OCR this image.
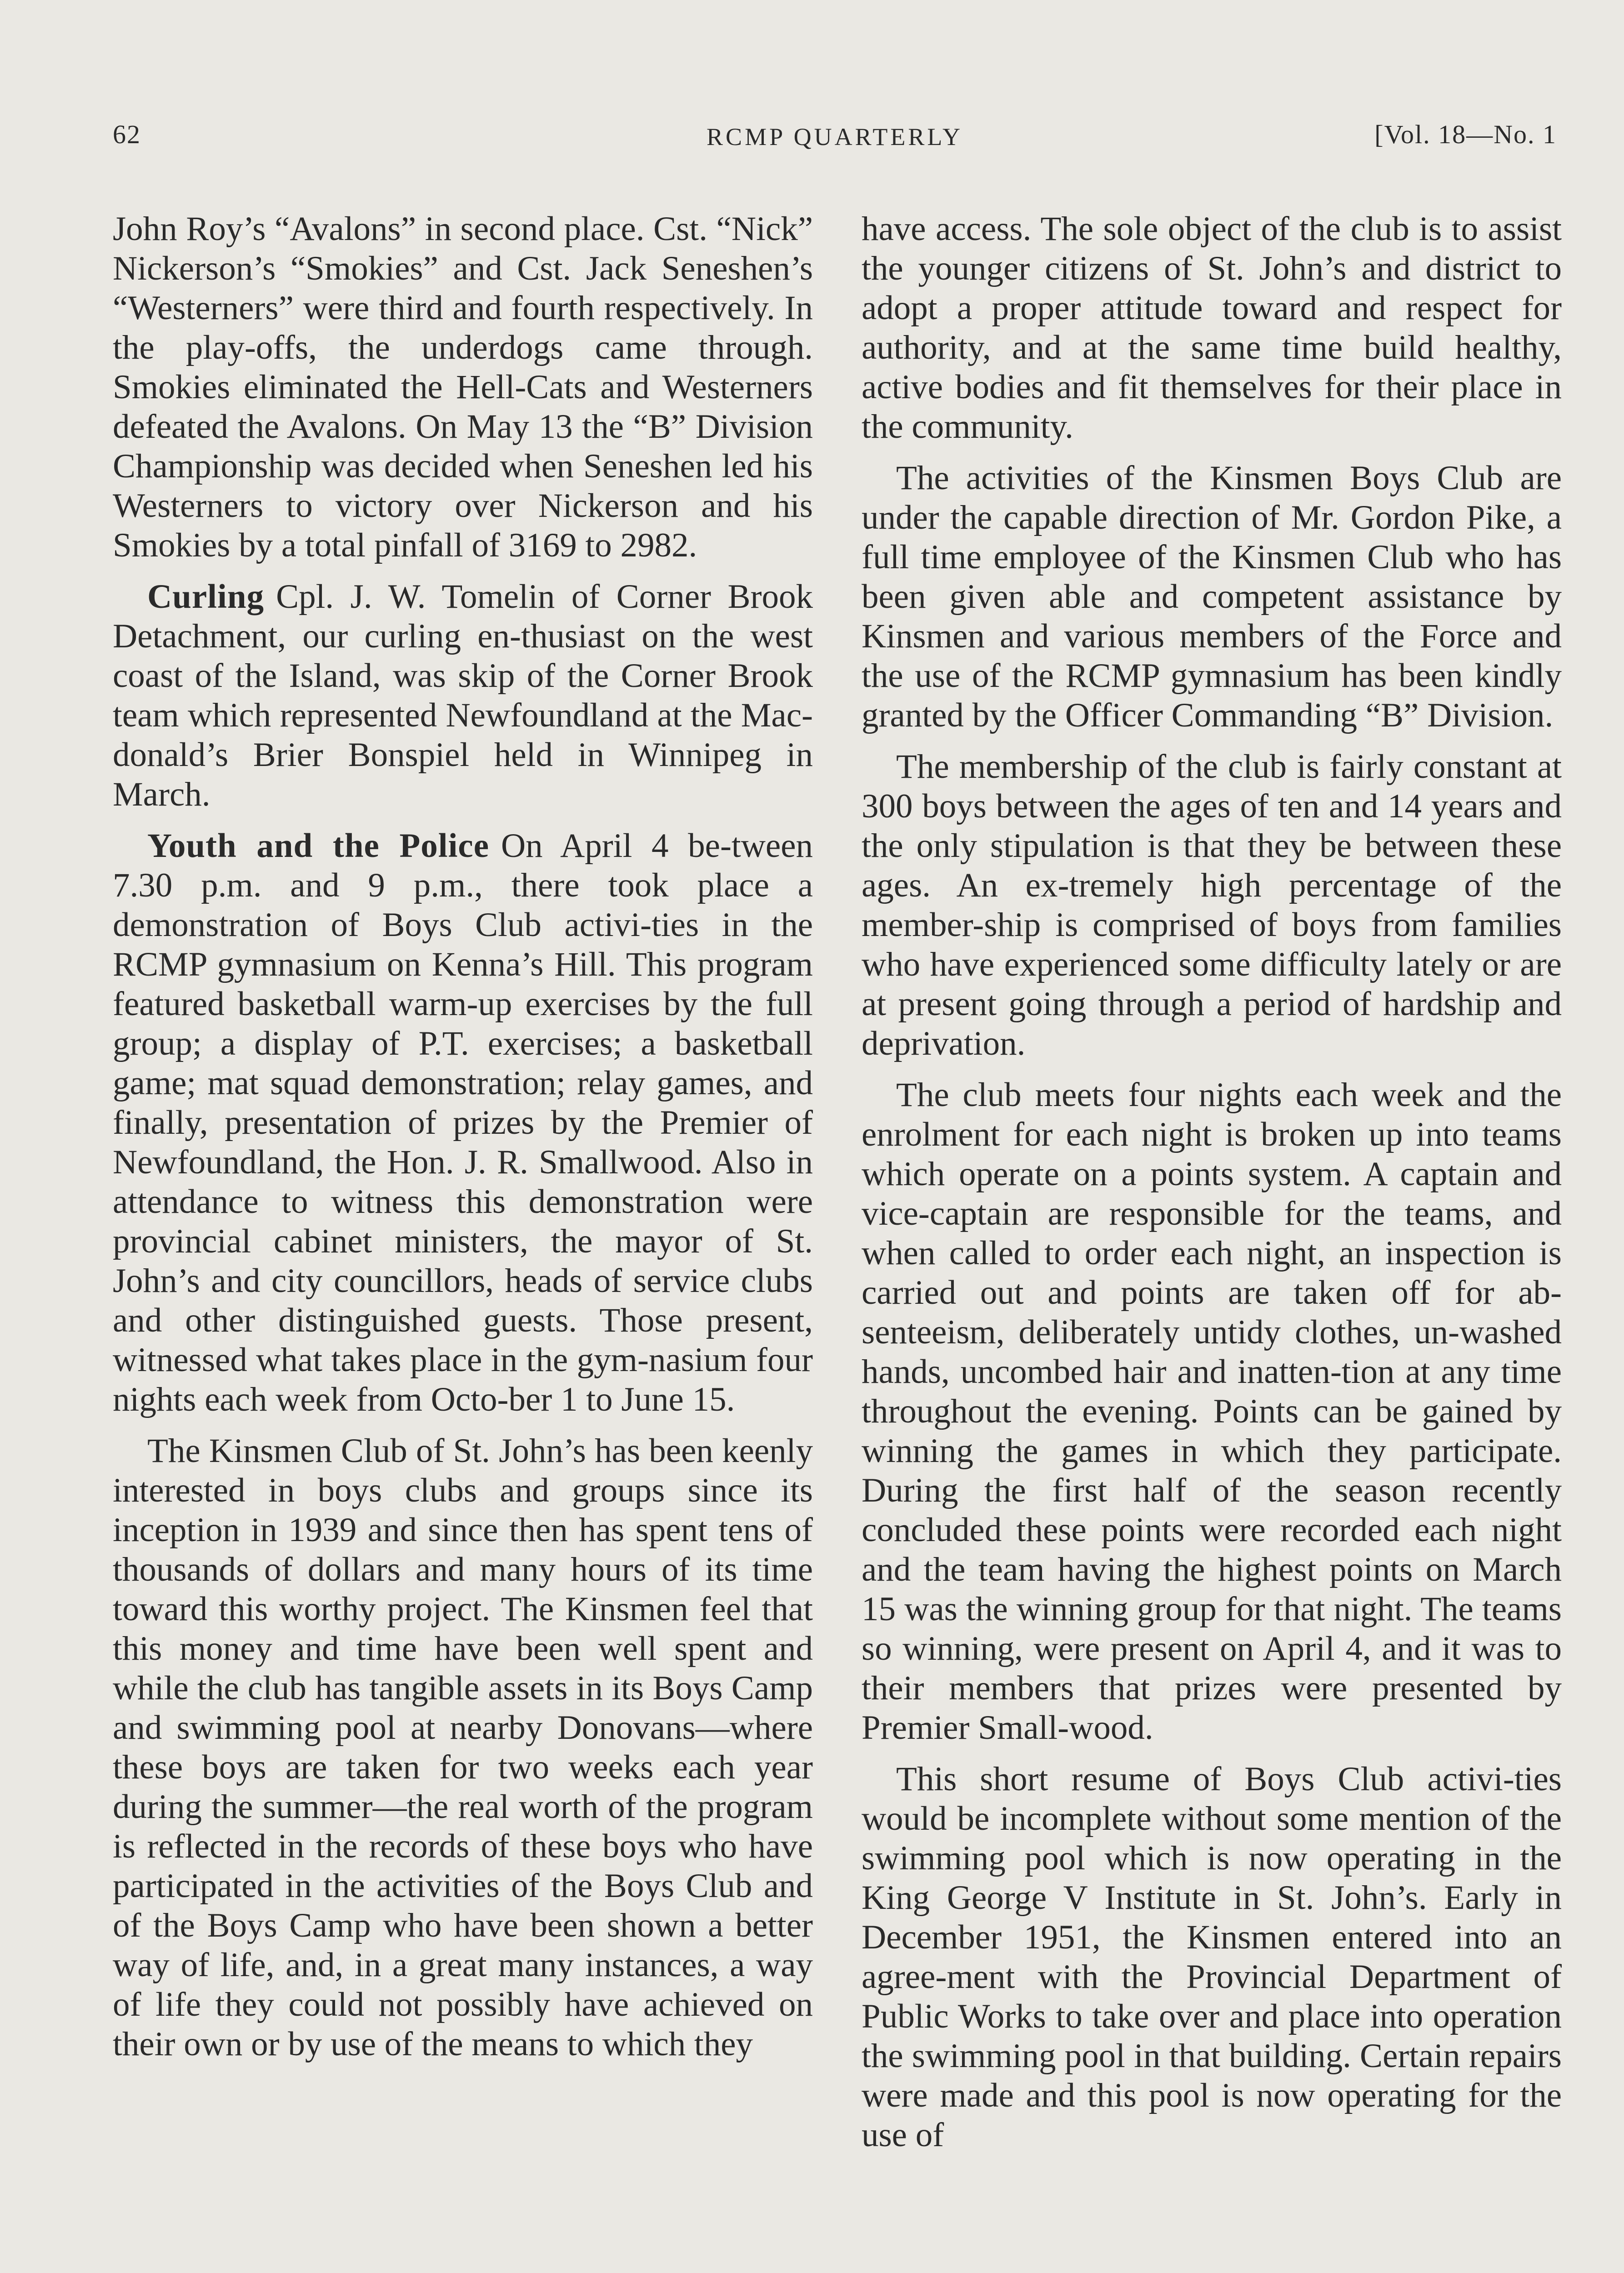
62	RCMP QUARTERLY	[Vol. 18—No. 1

John Roy’s “Avalons” in second place. Cst. “Nick” Nickerson’s “Smokies” and Cst. Jack Seneshen’s “Westerners” were third and fourth respectively. In the play-offs, the underdogs came through. Smokies eliminated the Hell-Cats and Westerners defeated the Avalons. On May 13 the “B” Division Championship was decided when Seneshen led his Westerners to victory over Nickerson and his Smokies by a total pinfall of 3169 to 2982.

Curling Cpl. J. W. Tomelin of Corner Brook Detachment, our curling en-thusiast on the west coast of the Island, was skip of the Corner Brook team which represented Newfoundland at the Mac-donald’s Brier Bonspiel held in Winnipeg in March.

Youth and the Police On April 4 be-tween 7.30 p.m. and 9 p.m., there took place a demonstration of Boys Club activi-ties in the RCMP gymnasium on Kenna’s Hill. This program featured basketball warm-up exercises by the full group; a display of P.T. exercises; a basketball game; mat squad demonstration; relay games, and finally, presentation of prizes by the Premier of Newfoundland, the Hon. J. R. Smallwood. Also in attendance to witness this demonstration were provincial cabinet ministers, the mayor of St. John’s and city councillors, heads of service clubs and other distinguished guests. Those present, witnessed what takes place in the gym-nasium four nights each week from Octo-ber 1 to June 15.

The Kinsmen Club of St. John’s has been keenly interested in boys clubs and groups since its inception in 1939 and since then has spent tens of thousands of dollars and many hours of its time toward this worthy project. The Kinsmen feel that this money and time have been well spent and while the club has tangible assets in its Boys Camp and swimming pool at nearby Donovans—where these boys are taken for two weeks each year during the summer—the real worth of the program is reflected in the records of these boys who have participated in the activities of the Boys Club and of the Boys Camp who have been shown a better way of life, and, in a great many instances, a way of life they could not possibly have achieved on their own or by use of the means to which they

have access. The sole object of the club is to assist the younger citizens of St. John’s and district to adopt a proper attitude toward and respect for authority, and at the same time build healthy, active bodies and fit themselves for their place in the community.

The activities of the Kinsmen Boys Club are under the capable direction of Mr. Gordon Pike, a full time employee of the Kinsmen Club who has been given able and competent assistance by Kinsmen and various members of the Force and the use of the RCMP gymnasium has been kindly granted by the Officer Commanding “B” Division.

The membership of the club is fairly constant at 300 boys between the ages of ten and 14 years and the only stipulation is that they be between these ages. An ex-tremely high percentage of the member-ship is comprised of boys from families who have experienced some difficulty lately or are at present going through a period of hardship and deprivation.

The club meets four nights each week and the enrolment for each night is broken up into teams which operate on a points system. A captain and vice-captain are responsible for the teams, and when called to order each night, an inspection is carried out and points are taken off for ab-senteeism, deliberately untidy clothes, un-washed hands, uncombed hair and inatten-tion at any time throughout the evening. Points can be gained by winning the games in which they participate. During the first half of the season recently concluded these points were recorded each night and the team having the highest points on March 15 was the winning group for that night. The teams so winning, were present on April 4, and it was to their members that prizes were presented by Premier Small-wood.

This short resume of Boys Club activi-ties would be incomplete without some mention of the swimming pool which is now operating in the King George V Institute in St. John’s. Early in December 1951, the Kinsmen entered into an agree-ment with the Provincial Department of Public Works to take over and place into operation the swimming pool in that building. Certain repairs were made and this pool is now operating for the use of
